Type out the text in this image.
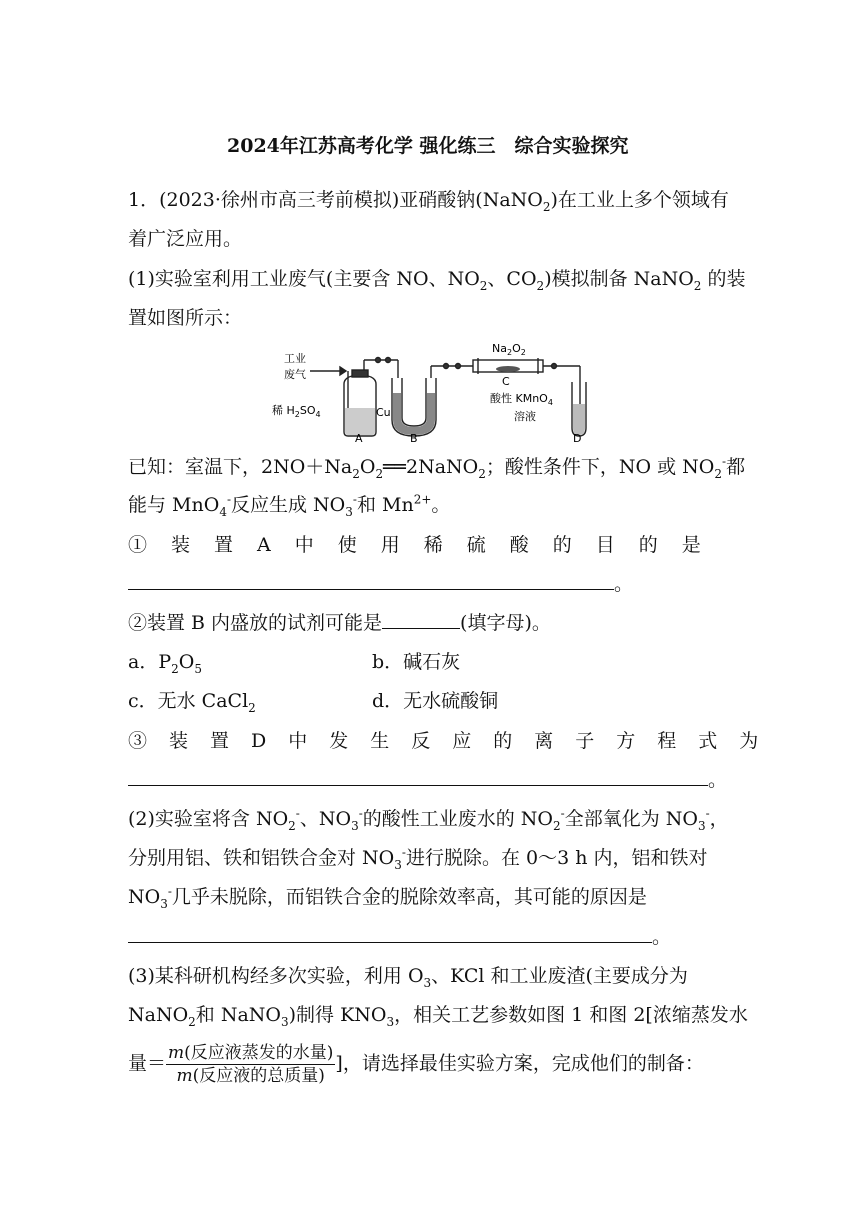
2024年江苏高考化学 强化练三　综合实验探究
1．(2023·徐州市高三考前模拟)亚硝酸钠(NaNO$_2$)在工业上多个领域有
着广泛应用。
(1)实验室利用工业废气(主要含 NO、$NO_2$、$CO_2$)模拟制备 NaNO$_2$ 的装
置如图所示：
工业
废气
稀 $H_2SO_4$	Cu
$Na_2O_2$
酸性 KMnO$_4$
溶液
A	B
C
D
已知：室温下，$2NO+Na_2O_2══2NaNO_2$；酸性条件下，NO 或 $NO_2^-$都
能与 MnO$_4$-反应生成 $NO_3^-$和 $Mn^{2+}$。
①装置A中使用稀硫酸的目的是
。
②装置 B 内盛放的试剂可能是	(填字母)。
a．$P_2O_5$	b．碱石灰
c．无水 CaCl$_2$	d．无水硫酸铜
③装置D中发生反应的离子方程式为
。
(2)实验室将含 $NO_2^-$、$NO_3^-$的酸性工业废水的 $NO_2^-$全部氧化为 $NO_3^-$，
分别用铝、铁和铝铁合金对 $NO_3^-$进行脱除。在 0～3 h 内，铝和铁对
$NO_3^-$几乎未脱除，而铝铁合金的脱除效率高，其可能的原因是
。
(3)某科研机构经多次实验，利用 $O_3$、KCl 和工业废渣(主要成分为
NaNO$_2$和 NaNO$_3$)制得 $KNO_3$，相关工艺参数如图 1 和图 2[浓缩蒸发水
量＝ $\frac{\text{m(反应液蒸发的水量)}}{\text{m(反应液的总质量)}}$ ]，请选择最佳实验方案，完成他们的制备：
